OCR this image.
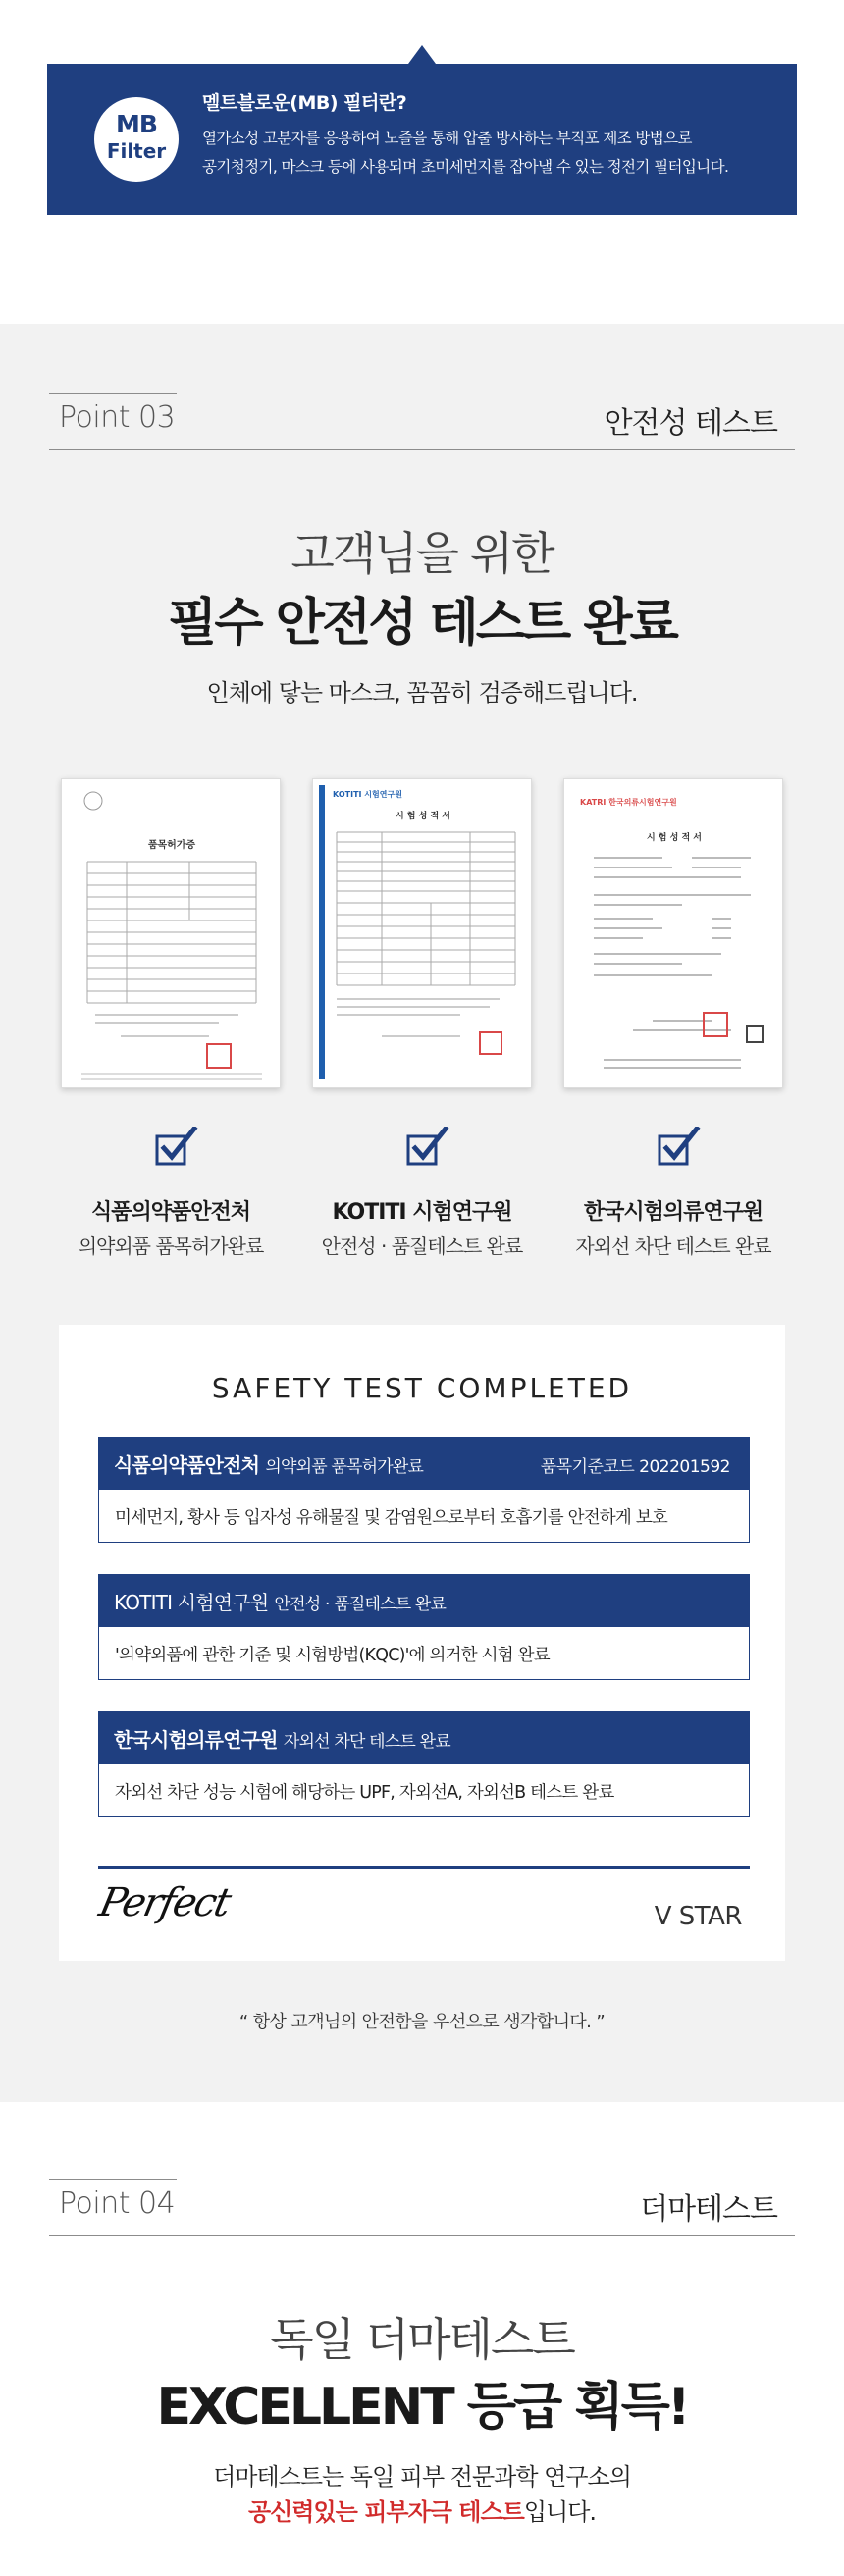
MB
Filter
멜트블로운(MB) 필터란?
열가소성 고분자를 응용하여 노즐을 통해 압출 방사하는 부직포 제조 방법으로
공기청정기, 마스크 등에 사용되며 초미세먼지를 잡아낼 수 있는 정전기 필터입니다.
Point 03	안전성 테스트
고객님을 위한
필수 안전성 테스트 완료
인체에 닿는 마스크, 꼼꼼히 검증해드립니다.
품목허가증
KOTITI 시험연구원
시 험 성 적 서
KATRI 한국의류시험연구원
시 험 성 적 서
식품의약품안전처
의약외품 품목허가완료
KOTITI 시험연구원
안전성 · 품질테스트 완료
한국시험의류연구원
자외선 차단 테스트 완료
SAFETY TEST COMPLETED
식품의약품안전처 의약외품 품목허가완료	품목기준코드 202201592
미세먼지, 황사 등 입자성 유해물질 및 감염원으로부터 호흡기를 안전하게 보호
KOTITI 시험연구원 안전성 · 품질테스트 완료
'의약외품에 관한 기준 및 시험방법(KQC)'에 의거한 시험 완료
한국시험의류연구원 자외선 차단 테스트 완료
자외선 차단 성능 시험에 해당하는 UPF, 자외선A, 자외선B 테스트 완료
Perfect	V STAR
“ 항상 고객님의 안전함을 우선으로 생각합니다. ”
Point 04	더마테스트
독일 더마테스트
EXCELLENT 등급 획득!
더마테스트는 독일 피부 전문과학 연구소의
공신력있는 피부자극 테스트입니다.
